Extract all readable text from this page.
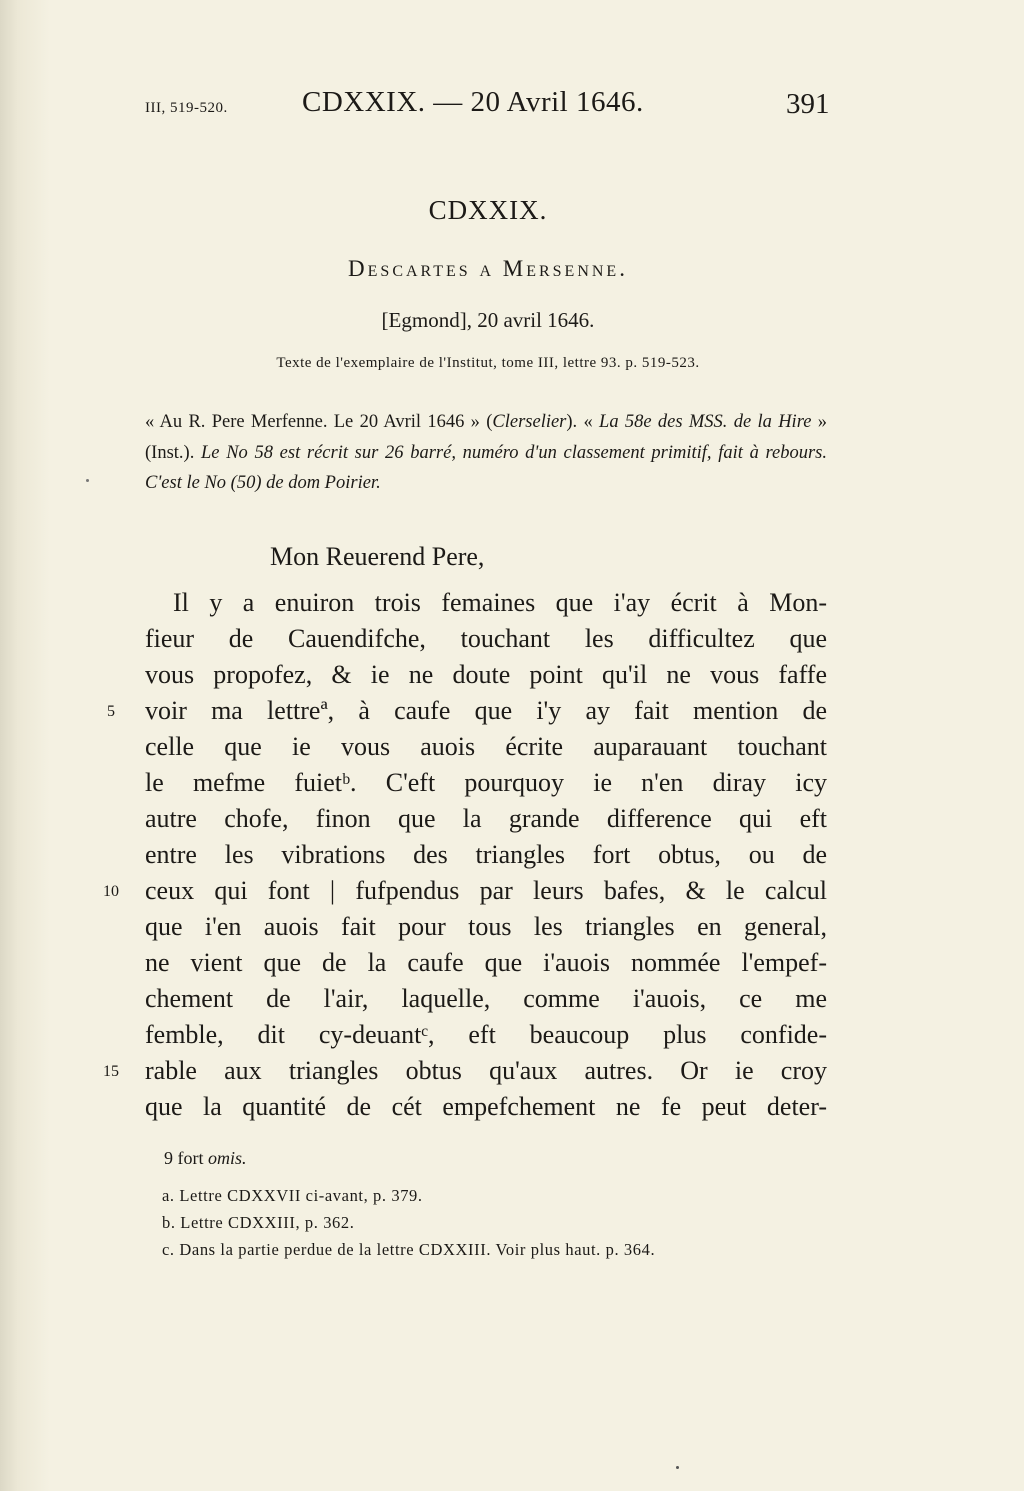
III, 519-520.	CDXXIX. — 20 Avril 1646.	391
CDXXIX.
Descartes a Mersenne.
[Egmond], 20 avril 1646.
Texte de l'exemplaire de l'Institut, tome III, lettre 93. p. 519-523.
« Au R. Pere Merfenne. Le 20 Avril 1646 » (Clerselier). « La 58e des MSS. de la Hire » (Inst.). Le No 58 est récrit sur 26 barré, numéro d'un classement primitif, fait à rebours. C'est le No (50) de dom Poirier.
Mon Reuerend Pere,
Il y a enuiron trois femaines que i'ay écrit à Mon-
fieur de Cauendifche, touchant les difficultez que
vous propofez, & ie ne doute point qu'il ne vous faffe
voir ma lettreª, à caufe que i'y ay fait mention de
celle que ie vous auois écrite auparauant touchant
le mefme fuietᵇ. C'eft pourquoy ie n'en diray icy
autre chofe, finon que la grande difference qui eft
entre les vibrations des triangles fort obtus, ou de
ceux qui font | fufpendus par leurs bafes, & le calcul
que i'en auois fait pour tous les triangles en general,
ne vient que de la caufe que i'auois nommée l'empef-
chement de l'air, laquelle, comme i'auois, ce me
femble, dit cy-deuantᶜ, eft beaucoup plus confide-
rable aux triangles obtus qu'aux autres. Or ie croy
que la quantité de cét empefchement ne fe peut deter-
5
10
15
9 fort omis.
a. Lettre CDXXVII ci-avant, p. 379.
b. Lettre CDXXIII, p. 362.
c. Dans la partie perdue de la lettre CDXXIII. Voir plus haut. p. 364.
